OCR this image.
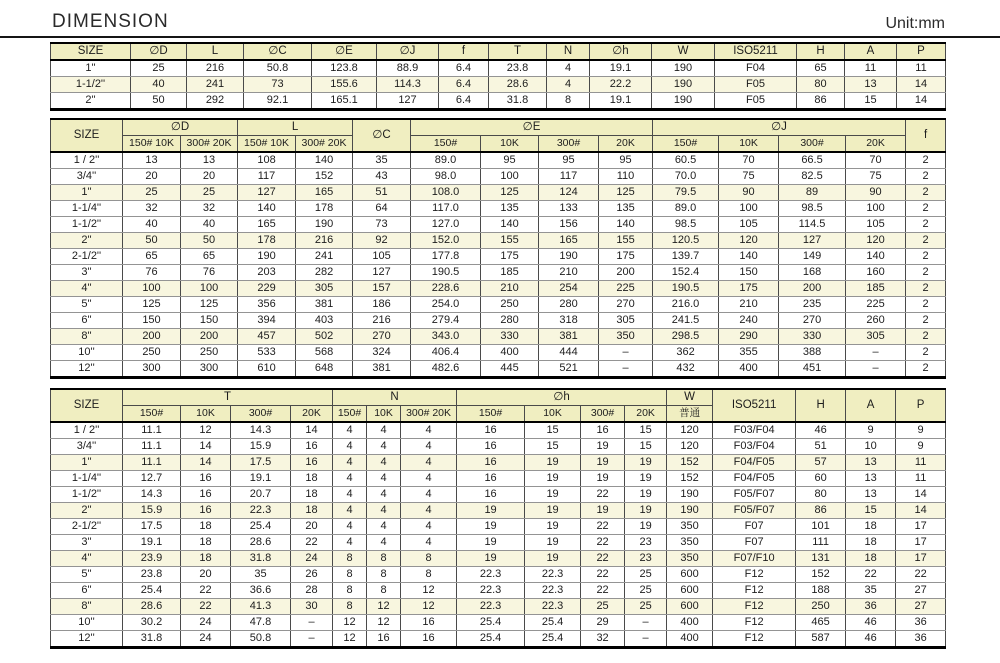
DIMENSION	Unit:mm
SIZE	∅D	L	∅C	∅E	∅J	f	T	N	∅h	W	ISO5211	H	A	P
1''	25	216	50.8	123.8	88.9	6.4	23.8	4	19.1	190	F04	65	11	11
1-1/2''	40	241	73	155.6	114.3	6.4	28.6	4	22.2	190	F05	80	13	14
2''	50	292	92.1	165.1	127	6.4	31.8	8	19.1	190	F05	86	15	14
SIZE	∅D		L		∅C	∅E				∅J				f
	150# 10K	300# 20K	150# 10K	300# 20K		150#	10K	300#	20K	150#	10K	300#	20K	
1 / 2''	13	13	108	140	35	89.0	95	95	95	60.5	70	66.5	70	2
3/4''	20	20	117	152	43	98.0	100	117	110	70.0	75	82.5	75	2
1''	25	25	127	165	51	108.0	125	124	125	79.5	90	89	90	2
1-1/4''	32	32	140	178	64	117.0	135	133	135	89.0	100	98.5	100	2
1-1/2''	40	40	165	190	73	127.0	140	156	140	98.5	105	114.5	105	2
2''	50	50	178	216	92	152.0	155	165	155	120.5	120	127	120	2
2-1/2''	65	65	190	241	105	177.8	175	190	175	139.7	140	149	140	2
3''	76	76	203	282	127	190.5	185	210	200	152.4	150	168	160	2
4''	100	100	229	305	157	228.6	210	254	225	190.5	175	200	185	2
5''	125	125	356	381	186	254.0	250	280	270	216.0	210	235	225	2
6''	150	150	394	403	216	279.4	280	318	305	241.5	240	270	260	2
8''	200	200	457	502	270	343.0	330	381	350	298.5	290	330	305	2
10''	250	250	533	568	324	406.4	400	444	–	362	355	388	–	2
12''	300	300	610	648	381	482.6	445	521	–	432	400	451	–	2
SIZE	T				N			∅h				W	ISO5211	H	A	P
	150#	10K	300#	20K	150#	10K	300# 20K	150#	10K	300#	20K	普通				
1 / 2''	11.1	12	14.3	14	4	4	4	16	15	16	15	120	F03/F04	46	9	9
3/4''	11.1	14	15.9	16	4	4	4	16	15	19	15	120	F03/F04	51	10	9
1''	11.1	14	17.5	16	4	4	4	16	19	19	19	152	F04/F05	57	13	11
1-1/4''	12.7	16	19.1	18	4	4	4	16	19	19	19	152	F04/F05	60	13	11
1-1/2''	14.3	16	20.7	18	4	4	4	16	19	22	19	190	F05/F07	80	13	14
2''	15.9	16	22.3	18	4	4	4	19	19	19	19	190	F05/F07	86	15	14
2-1/2''	17.5	18	25.4	20	4	4	4	19	19	22	19	350	F07	101	18	17
3''	19.1	18	28.6	22	4	4	4	19	19	22	23	350	F07	111	18	17
4''	23.9	18	31.8	24	8	8	8	19	19	22	23	350	F07/F10	131	18	17
5''	23.8	20	35	26	8	8	8	22.3	22.3	22	25	600	F12	152	22	22
6''	25.4	22	36.6	28	8	8	12	22.3	22.3	22	25	600	F12	188	35	27
8''	28.6	22	41.3	30	8	12	12	22.3	22.3	25	25	600	F12	250	36	27
10''	30.2	24	47.8	–	12	12	16	25.4	25.4	29	–	400	F12	465	46	36
12''	31.8	24	50.8	–	12	16	16	25.4	25.4	32	–	400	F12	587	46	36
